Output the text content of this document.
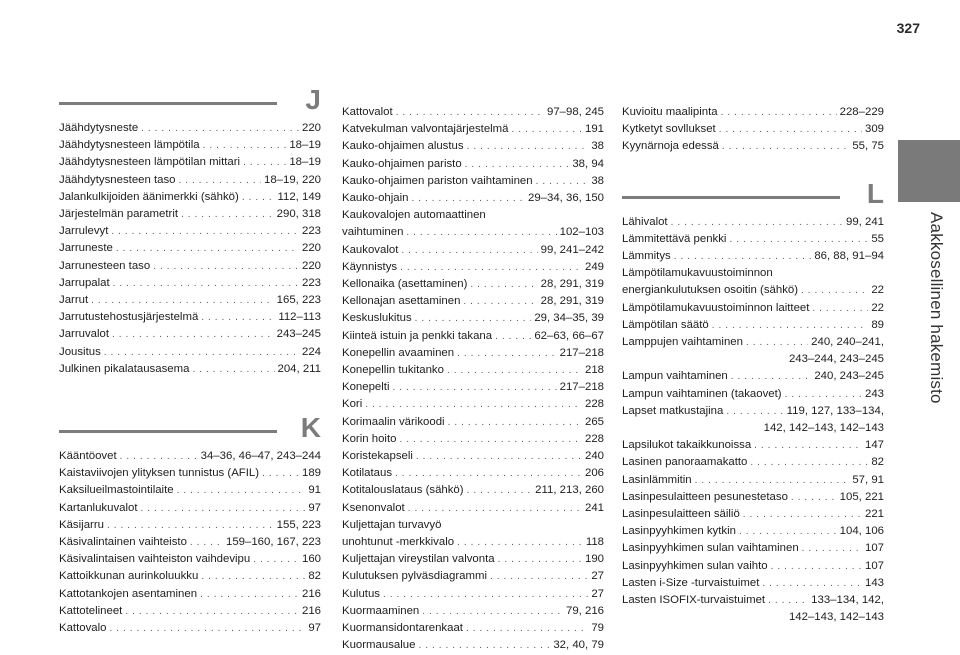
327
Aakkosellinen hakemisto
J
Jäähdytysneste . . .	220
Jäähdytysnesteen lämpötila . . .	18–19
Jäähdytysnesteen lämpötilan mittari . . .	18–19
Jäähdytysnesteen taso . . .	18–19, 220
Jalankulkijoiden äänimerkki (sähkö) . . .	112, 149
Järjestelmän parametrit . . .	290, 318
Jarrulevyt . . .	223
Jarruneste . . .	220
Jarrunesteen taso . . .	220
Jarrupalat . . .	223
Jarrut . . .	165, 223
Jarrutustehostusjärjestelmä . . .	112–113
Jarruvalot . . .	243–245
Jousitus . . .	224
Julkinen pikalatausasema . . .	204, 211
K
Kääntöovet . . .	34–36, 46–47, 243–244
Kaistaviivojen ylityksen tunnistus (AFIL) . . .	189
Kaksilueilmastointilaite . . .	91
Kartanlukuvalot . . .	97
Käsijarru . . .	155, 223
Käsivalintainen vaihteisto . . .	159–160, 167, 223
Käsivalintaisen vaihteiston vaihdevipu . . .	160
Kattoikkunan aurinkoluukku . . .	82
Kattotankojen asentaminen . . .	216
Kattotelineet . . .	216
Kattovalo . . .	97
Kattovalot . . .	97–98, 245
Katvekulman valvontajärjestelmä . . .	191
Kauko-ohjaimen alustus . . .	38
Kauko-ohjaimen paristo . . .	38, 94
Kauko-ohjaimen pariston vaihtaminen . . .	38
Kauko-ohjain . . .	29–34, 36, 150
Kaukovalojen automaattinen
vaihtuminen . . .	102–103
Kaukovalot . . .	99, 241–242
Käynnistys . . .	249
Kellonaika (asettaminen) . . .	28, 291, 319
Kellonajan asettaminen . . .	28, 291, 319
Keskuslukitus . . .	29, 34–35, 39
Kiinteä istuin ja penkki takana . . .	62–63, 66–67
Konepellin avaaminen . . .	217–218
Konepellin tukitanko . . .	218
Konepelti . . .	217–218
Kori . . .	228
Korimaalin värikoodi . . .	265
Korin hoito . . .	228
Koristekapseli . . .	240
Kotilataus . . .	206
Kotitalouslataus (sähkö) . . .	211, 213, 260
Ksenonvalot . . .	241
Kuljettajan turvavyö
unohtunut -merkkivalo . . .	118
Kuljettajan vireystilan valvonta . . .	190
Kulutuksen pylväsdiagrammi . . .	27
Kulutus . . .	27
Kuormaaminen . . .	79, 216
Kuormansidontarenkaat . . .	79
Kuormausalue . . .	32, 40, 79
Kuvioitu maalipinta . . .	228–229
Kytketyt sovllukset . . .	309
Kyynärnoja edessä . . .	55, 75
L
Lähivalot . . .	99, 241
Lämmitettävä penkki . . .	55
Lämmitys . . .	86, 88, 91–94
Lämpötilamukavuustoiminnon
energiankulutuksen osoitin (sähkö) . . .	22
Lämpötilamukavuustoiminnon laitteet . . .	22
Lämpötilan säätö . . .	89
Lamppujen vaihtaminen . . .	240, 240–241,
243–244, 243–245
Lampun vaihtaminen . . .	240, 243–245
Lampun vaihtaminen (takaovet) . . .	243
Lapset matkustajina . . .	119, 127, 133–134,
142, 142–143, 142–143
Lapsilukot takaikkunoissa . . .	147
Lasinen panoraamakatto . . .	82
Lasinlämmitin . . .	57, 91
Lasinpesulaitteen pesunestetaso . . .	105, 221
Lasinpesulaitteen säiliö . . .	221
Lasinpyyhkimen kytkin . . .	104, 106
Lasinpyyhkimen sulan vaihtaminen . . .	107
Lasinpyyhkimen sulan vaihto . . .	107
Lasten i-Size -turvaistuimet . . .	143
Lasten ISOFIX-turvaistuimet . . .	133–134, 142,
142–143, 142–143
